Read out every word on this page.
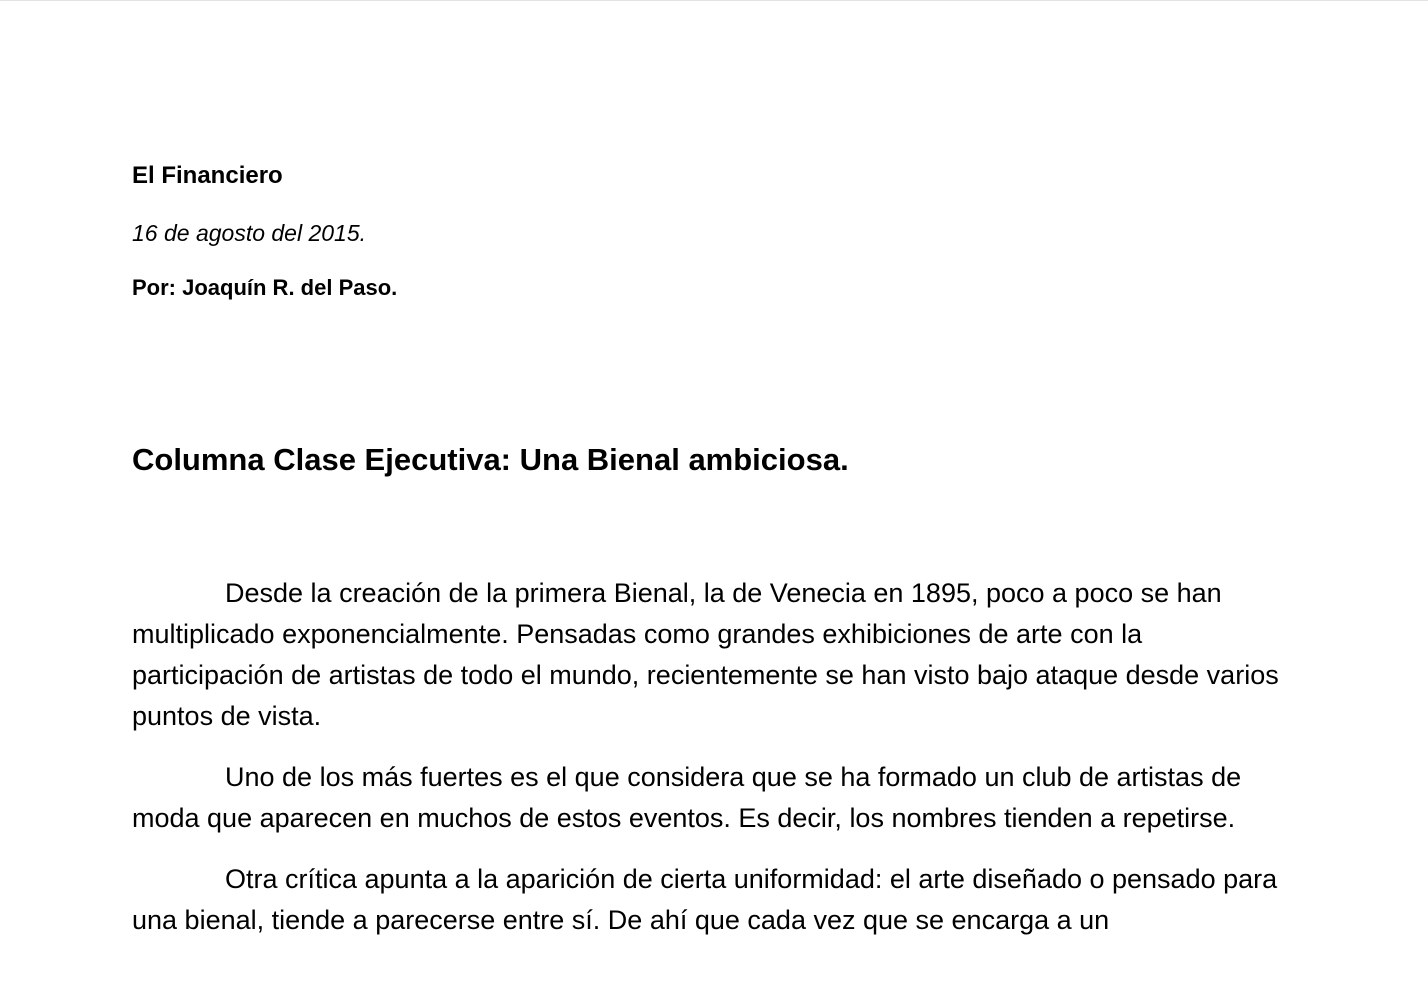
El Financiero

16 de agosto del 2015.

Por: Joaquín R. del Paso.

Columna Clase Ejecutiva: Una Bienal ambiciosa.

Desde la creación de la primera Bienal, la de Venecia en 1895, poco a poco se han multiplicado exponencialmente. Pensadas como grandes exhibiciones de arte con la participación de artistas de todo el mundo, recientemente se han visto bajo ataque desde varios puntos de vista.

Uno de los más fuertes es el que considera que se ha formado un club de artistas de moda que aparecen en muchos de estos eventos. Es decir, los nombres tienden a repetirse.

Otra crítica apunta a la aparición de cierta uniformidad: el arte diseñado o pensado para una bienal, tiende a parecerse entre sí. De ahí que cada vez que se encarga a un
